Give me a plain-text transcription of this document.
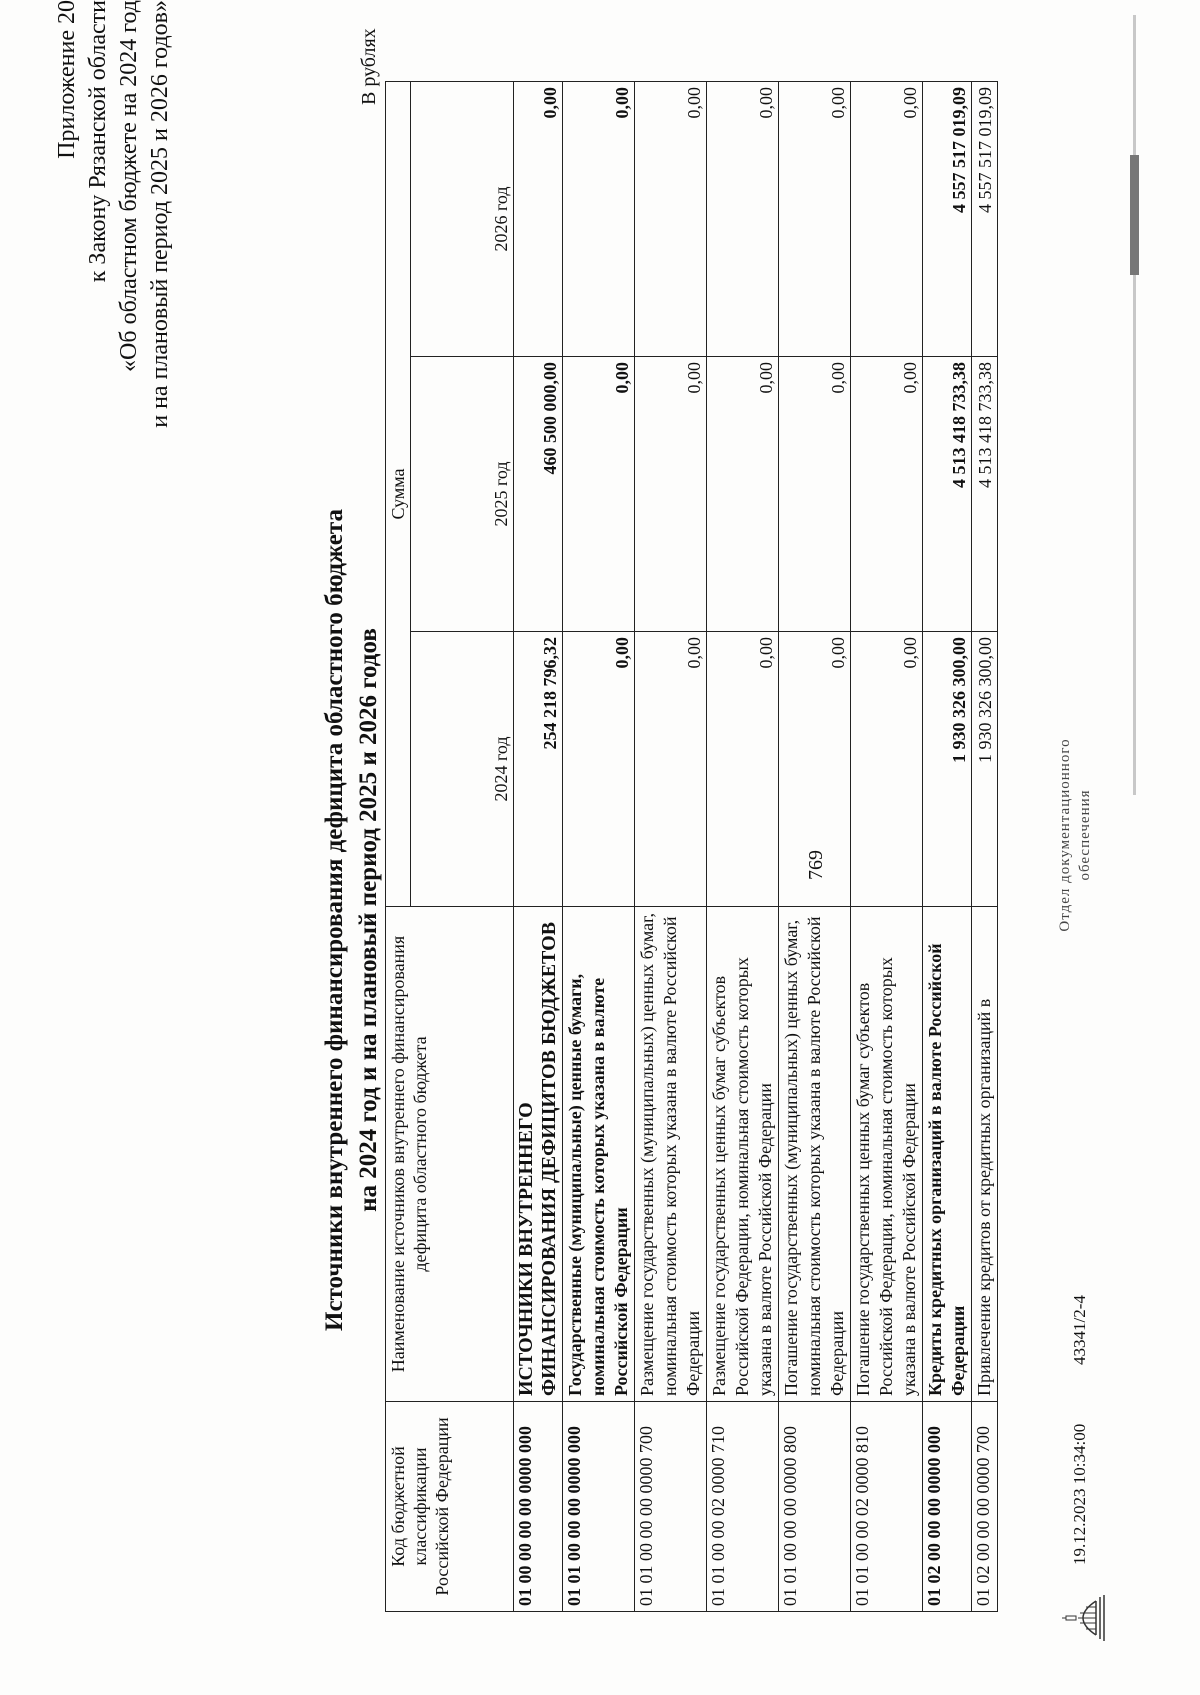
769
Приложение 20 к Закону Рязанской области «Об областном бюджете на 2024 год и на плановый период 2025 и 2026 годов»
Источники внутреннего финансирования дефицита областного бюджета на 2024 год и на плановый период 2025 и 2026 годов
В рублях
Код бюджетной классификации Российской Федерации	Наименование источников внутреннего финансирования дефицита областного бюджета	Сумма		
		2024 год	2025 год	2026 год
01 00 00 00 00 0000 000	ИСТОЧНИКИ ВНУТРЕННЕГО ФИНАНСИРОВАНИЯ ДЕФИЦИТОВ БЮДЖЕТОВ	254 218 796,32	460 500 000,00	0,00
01 01 00 00 00 0000 000	Государственные (муниципальные) ценные бумаги, номинальная стоимость которых указана в валюте Российской Федерации	0,00	0,00	0,00
01 01 00 00 00 0000 700	Размещение государственных (муниципальных) ценных бумаг, номинальная стоимость которых указана в валюте Российской Федерации	0,00	0,00	0,00
01 01 00 00 02 0000 710	Размещение государственных ценных бумаг субъектов Российской Федерации, номинальная стоимость которых указана в валюте Российской Федерации	0,00	0,00	0,00
01 01 00 00 00 0000 800	Погашение государственных (муниципальных) ценных бумаг, номинальная стоимость которых указана в валюте Российской Федерации	0,00	0,00	0,00
01 01 00 00 02 0000 810	Погашение государственных ценных бумаг субъектов Российской Федерации, номинальная стоимость которых указана в валюте Российской Федерации	0,00	0,00	0,00
01 02 00 00 00 0000 000	Кредиты кредитных организаций в валюте Российской Федерации	1 930 326 300,00	4 513 418 733,38	4 557 517 019,09
01 02 00 00 00 0000 700	Привлечение кредитов от кредитных организаций в	1 930 326 300,00	4 513 418 733,38	4 557 517 019,09
19.12.2023 10:34:00
43341/2-4
Отдел документационного обеспечения
